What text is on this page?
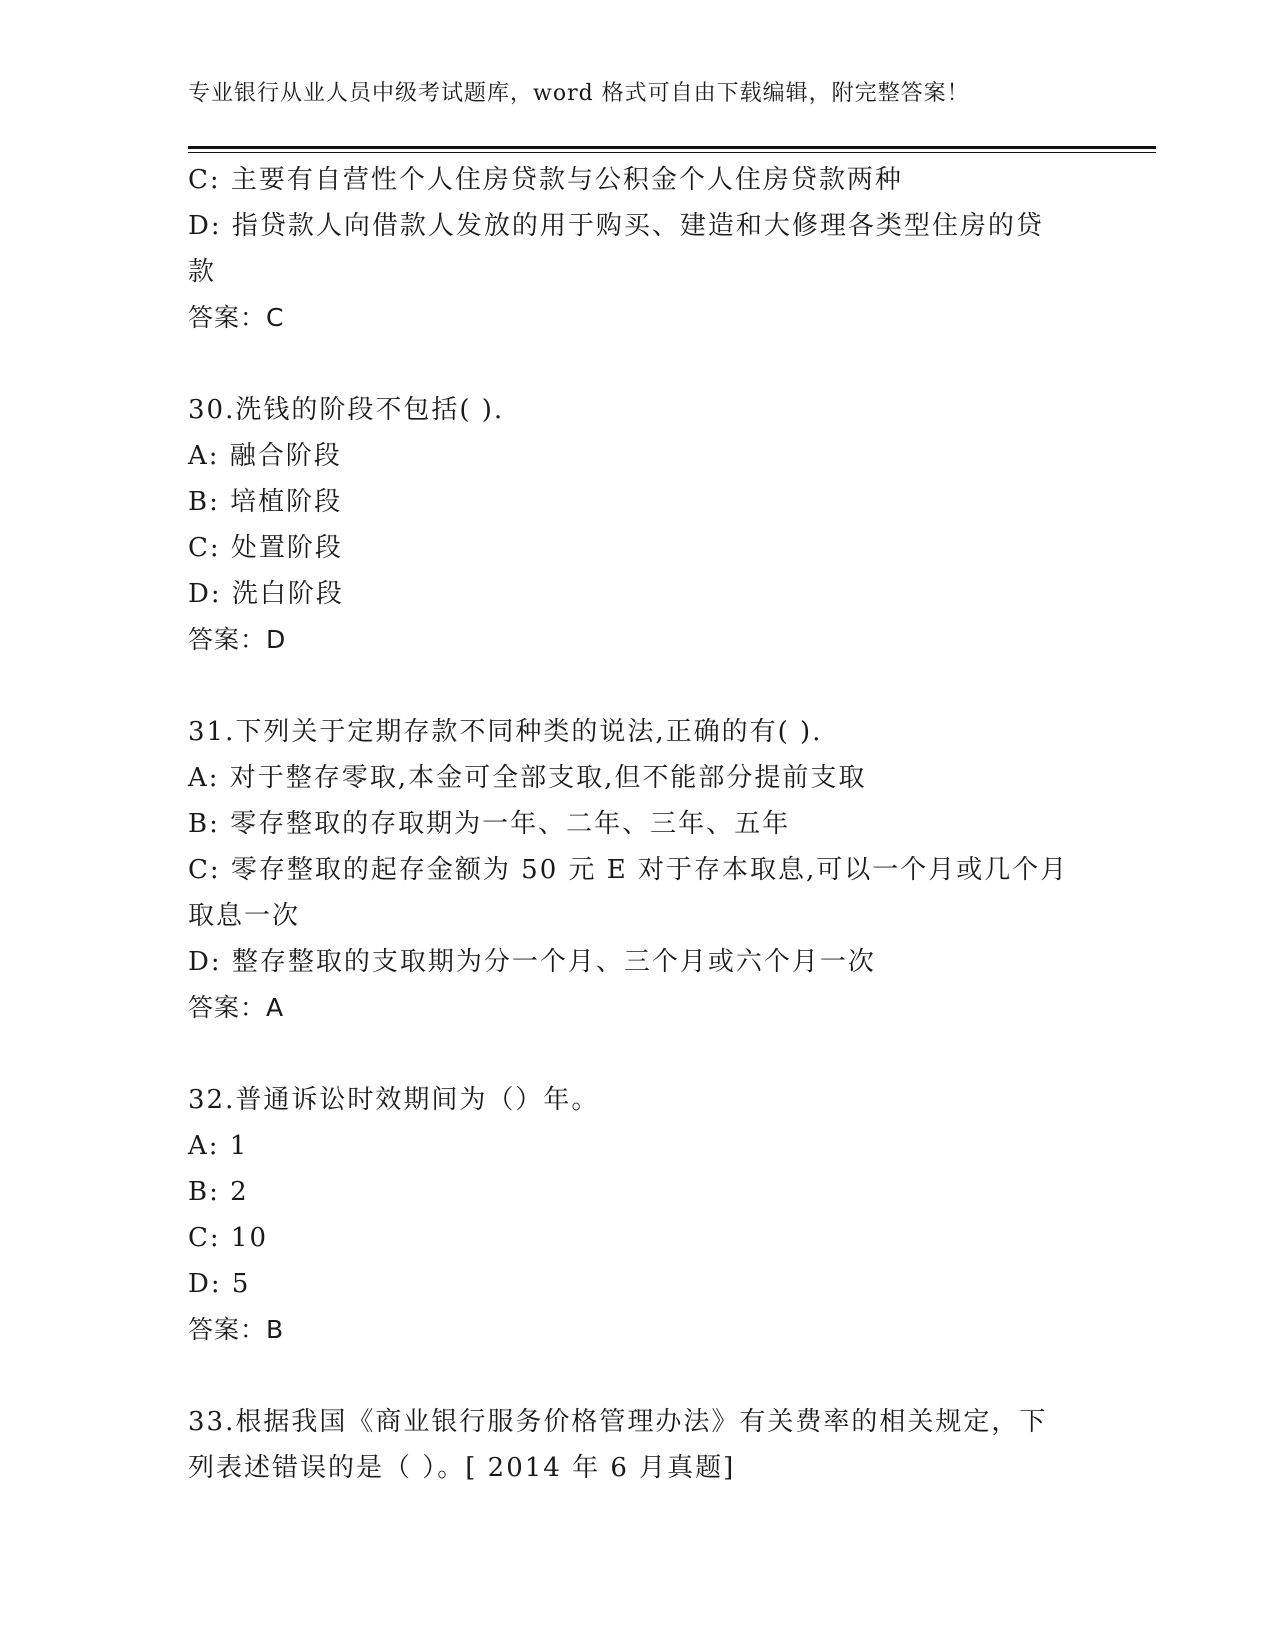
专业银行从业人员中级考试题库，word 格式可自由下载编辑，附完整答案！
C: 主要有自营性个人住房贷款与公积金个人住房贷款两种
D: 指贷款人向借款人发放的用于购买、建造和大修理各类型住房的贷
款
答案：C
30.洗钱的阶段不包括( ).
A: 融合阶段
B: 培植阶段
C: 处置阶段
D: 洗白阶段
答案：D
31.下列关于定期存款不同种类的说法,正确的有( ).
A: 对于整存零取,本金可全部支取,但不能部分提前支取
B: 零存整取的存取期为一年、二年、三年、五年
C: 零存整取的起存金额为 50 元 E 对于存本取息,可以一个月或几个月
取息一次
D: 整存整取的支取期为分一个月、三个月或六个月一次
答案：A
32.普通诉讼时效期间为（）年。
A: 1
B: 2
C: 10
D: 5
答案：B
33.根据我国《商业银行服务价格管理办法》有关费率的相关规定，下
列表述错误的是（ ）。[ 2014 年 6 月真题]
